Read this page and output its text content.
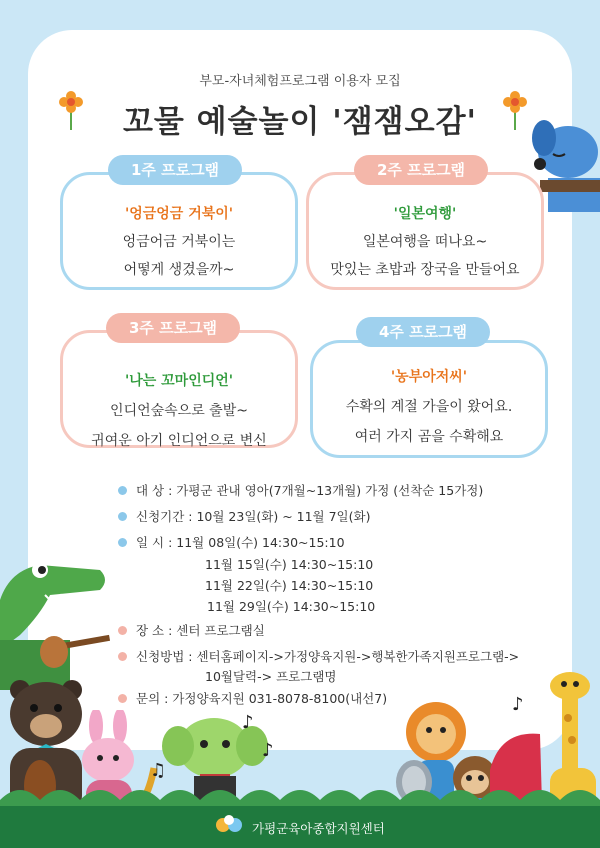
부모-자녀체험프로그램 이용자 모집
꼬물 예술놀이 '잼잼오감'
1주 프로그램
'엉금엉금 거북이'
엉금어금 거북이는
어떻게 생겼을까~
2주 프로그램
'일본여행'
일본여행을 떠나요~
맛있는 초밥과 장국을 만들어요
3주 프로그램
'나는 꼬마인디언'
인디언숲속으로 출발~
귀여운 아기 인디언으로 변신
4주 프로그램
'농부아저씨'
수확의 계절 가을이 왔어요.
여러 가지 곰을 수확해요
대 상 : 가평군 관내 영아(7개월~13개월) 가정 (선착순 15가정)
신청기간 : 10월 23일(화) ~ 11월 7일(화)
일 시 : 11월 08일(수) 14:30~15:10
11월 15일(수) 14:30~15:10
11월 22일(수) 14:30~15:10
11월 29일(수) 14:30~15:10
장 소 : 센터 프로그램실
신청방법 : 센터홈페이지->가정양육지원->행복한가족지원프로그램->
10월달력-> 프로그램명
문의 : 가정양육지원 031-8078-8100(내선7)
♪
♪
♫
♪
가평군육아종합지원센터
